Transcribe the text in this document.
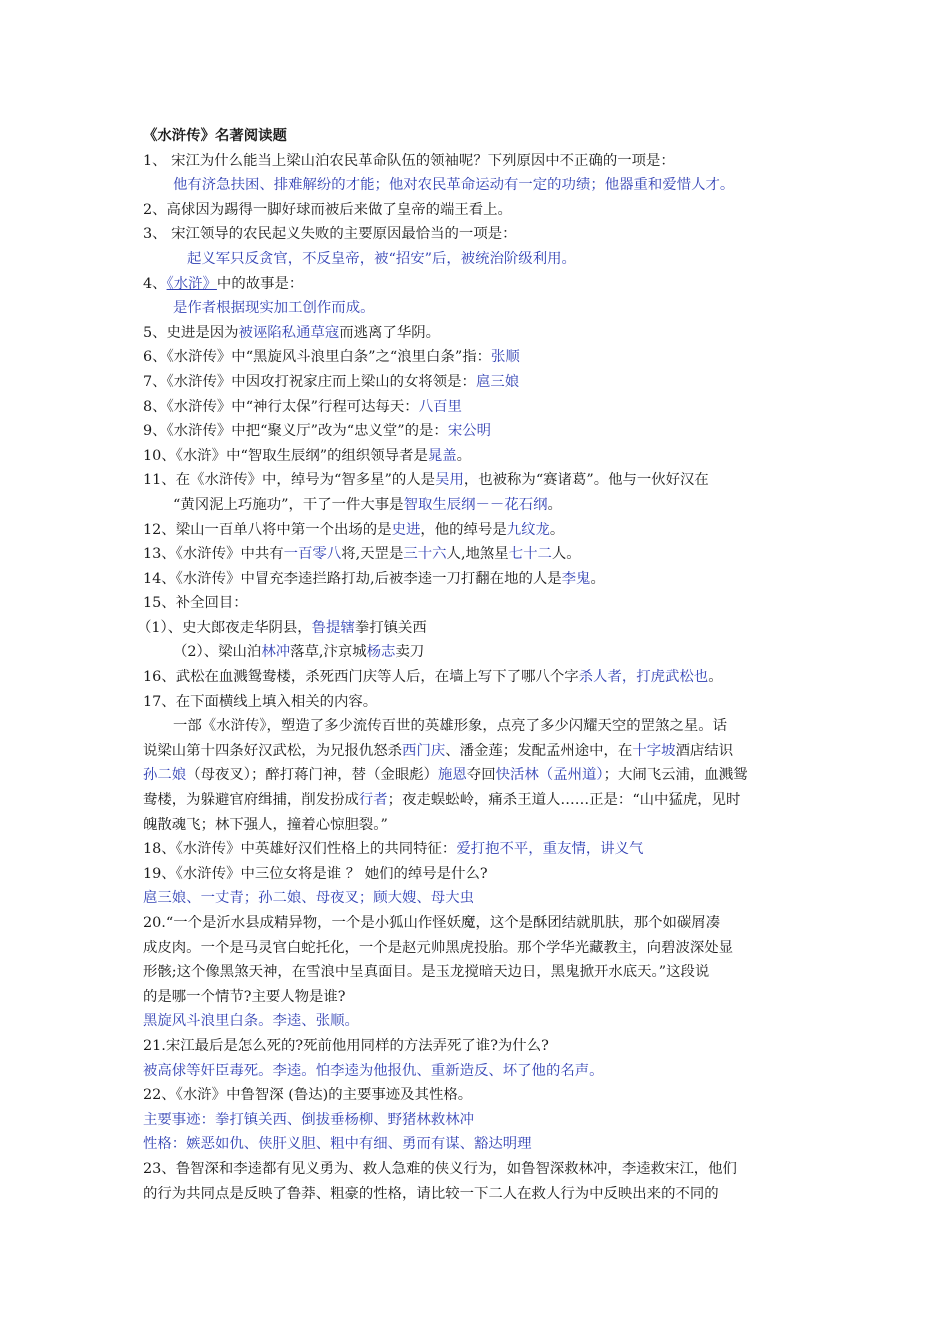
《水浒传》名著阅读题
1、 宋江为什么能当上梁山泊农民革命队伍的领袖呢？下列原因中不正确的一项是：
他有济急扶困、排难解纷的才能；他对农民革命运动有一定的功绩；他器重和爱惜人才。
2、高俅因为踢得一脚好球而被后来做了皇帝的端王看上。
3、 宋江领导的农民起义失败的主要原因最恰当的一项是：
起义军只反贪官，不反皇帝，被“招安”后，被统治阶级利用。
4、《水浒》中的故事是：
是作者根据现实加工创作而成。
5、史进是因为被诬陷私通草寇而逃离了华阴。
6、《水浒传》中“黑旋风斗浪里白条”之“浪里白条”指：张顺
7、《水浒传》中因攻打祝家庄而上梁山的女将领是：扈三娘
8、《水浒传》中“神行太保”行程可达每天：八百里
9、《水浒传》中把“聚义厅”改为“忠义堂”的是：宋公明
10、《水浒》中“智取生辰纲”的组织领导者是晁盖。
11、在《水浒传》中，绰号为“智多星”的人是吴用，也被称为“赛诸葛”。他与一伙好汉在
“黄冈泥上巧施功”，干了一件大事是智取生辰纲－－花石纲。
12、梁山一百单八将中第一个出场的是史进，他的绰号是九纹龙。
13、《水浒传》中共有一百零八将,天罡是三十六人,地煞星七十二人。
14、《水浒传》中冒充李逵拦路打劫,后被李逵一刀打翻在地的人是李鬼。
15、补全回目：
（1）、史大郎夜走华阴县，鲁提辖拳打镇关西
（2）、梁山泊林冲落草,汴京城杨志卖刀
16、武松在血溅鸳鸯楼，杀死西门庆等人后，在墙上写下了哪八个字杀人者，打虎武松也。
17、在下面横线上填入相关的内容。
一部《水浒传》，塑造了多少流传百世的英雄形象，点亮了多少闪耀天空的罡煞之星。话
说梁山第十四条好汉武松，为兄报仇怒杀西门庆、潘金莲；发配孟州途中，在十字坡酒店结识
孙二娘（母夜叉）；醉打蒋门神，替（金眼彪）施恩夺回快活林（孟州道）；大闹飞云浦，血溅鸳
鸯楼，为躲避官府缉捕，削发扮成行者；夜走蜈蚣岭，痛杀王道人……正是：“山中猛虎，见时
魄散魂飞；林下强人，撞着心惊胆裂。”
18、《水浒传》中英雄好汉们性格上的共同特征：爱打抱不平，重友情，讲义气
19、《水浒传》中三位女将是谁 ？ 她们的绰号是什么?
扈三娘、一丈青；孙二娘、母夜叉；顾大嫂、母大虫
20.“一个是沂水县成精异物，一个是小狐山作怪妖魔，这个是酥团结就肌肤，那个如碳屑凑
成皮肉。一个是马灵官白蛇托化，一个是赵元帅黑虎投胎。那个学华光藏教主，向碧波深处显
形骸;这个像黑煞天神，在雪浪中呈真面目。是玉龙搅暗天边日，黑鬼掀开水底天。”这段说
的是哪一个情节?主要人物是谁?
黑旋风斗浪里白条。李逵、张顺。
21.宋江最后是怎么死的?死前他用同样的方法弄死了谁?为什么?
被高俅等奸臣毒死。李逵。怕李逵为他报仇、重新造反、坏了他的名声。
22、《水浒》中鲁智深 (鲁达)的主要事迹及其性格。
主要事迹：拳打镇关西、倒拔垂杨柳、野猪林救林冲
性格：嫉恶如仇、侠肝义胆、粗中有细、勇而有谋、豁达明理
23、鲁智深和李逵都有见义勇为、救人急难的侠义行为，如鲁智深救林冲，李逵救宋江，他们
的行为共同点是反映了鲁莽、粗豪的性格，请比较一下二人在救人行为中反映出来的不同的
